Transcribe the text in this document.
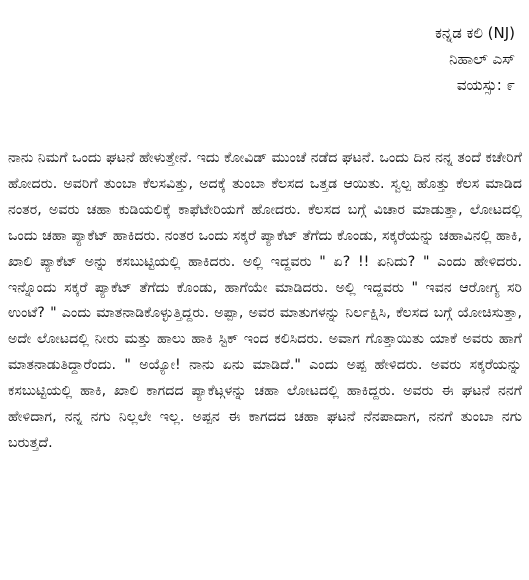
ಕನ್ನಡ ಕಲಿ (NJ)
ನಿಹಾಲ್ ಎಸ್
ವಯಸ್ಸು: ೯

ನಾನು ನಿಮಗೆ ಒಂದು ಘಟನೆ ಹೇಳುತ್ತೇನೆ. ಇದು ಕೋವಿಡ್ ಮುಂಚೆ ನಡೆದ ಘಟನೆ. ಒಂದು ದಿನ ನನ್ನ ತಂದೆ ಕಚೇರಿಗೆ ಹೋದರು. ಅವರಿಗೆ ತುಂಬಾ ಕೆಲಸವಿತ್ತು, ಅದಕ್ಕೆ ತುಂಬಾ ಕೆಲಸದ ಒತ್ತಡ ಆಯಿತು. ಸ್ವಲ್ಪ ಹೊತ್ತು ಕೆಲಸ ಮಾಡಿದ ನಂತರ, ಅವರು ಚಹಾ ಕುಡಿಯಲಿಕ್ಕೆ ಕಾಫೆಟೇರಿಯಗೆ ಹೋದರು. ಕೆಲಸದ ಬಗ್ಗೆ ವಿಚಾರ ಮಾಡುತ್ತಾ, ಲೋಟದಲ್ಲಿ ಒಂದು ಚಹಾ ಪ್ಯಾಕೆಟ್ ಹಾಕಿದರು. ನಂತರ ಒಂದು ಸಕ್ಕರೆ ಪ್ಯಾಕೆಟ್ ತೆಗೆದು ಕೊಂಡು, ಸಕ್ಕರೆಯನ್ನು ಚಹಾವಿನಲ್ಲಿ ಹಾಕಿ, ಖಾಲಿ ಪ್ಯಾಕೆಟ್ ಅನ್ನು ಕಸಬುಟ್ಟಿಯಲ್ಲಿ ಹಾಕಿದರು. ಅಲ್ಲಿ ಇದ್ದವರು " ಏ? !! ಏನಿದು? " ಎಂದು ಹೇಳಿದರು. ಇನ್ನೊಂದು ಸಕ್ಕರೆ ಪ್ಯಾಕೆಟ್ ತೆಗೆದು ಕೊಂಡು, ಹಾಗೆಯೇ ಮಾಡಿದರು. ಅಲ್ಲಿ ಇದ್ದವರು " ಇವನ ಆರೋಗ್ಯ ಸರಿ ಉಂಟೆ? " ಎಂದು ಮಾತನಾಡಿಕೊಳ್ಳುತ್ತಿದ್ದರು. ಅಪ್ಪಾ, ಅವರ ಮಾತುಗಳನ್ನು ನಿರ್ಲಕ್ಷಿಸಿ, ಕೆಲಸದ ಬಗ್ಗೆ ಯೋಚಿಸುತ್ತಾ, ಅದೇ ಲೋಟದಲ್ಲಿ ನೀರು ಮತ್ತು ಹಾಲು ಹಾಕಿ ಸ್ಟಿಕ್ ಇಂದ ಕಲಿಸಿದರು. ಅವಾಗ ಗೊತ್ತಾಯಿತು ಯಾಕೆ ಅವರು ಹಾಗೆ ಮಾತನಾಡುತಿದ್ದಾರೆಂದು. " ಅಯ್ಯೋ! ನಾನು ಏನು ಮಾಡಿದೆ." ಎಂದು ಅಪ್ಪ ಹೇಳಿದರು. ಅವರು ಸಕ್ಕರೆಯನ್ನು ಕಸಬುಟ್ಟಿಯಲ್ಲಿ ಹಾಕಿ, ಖಾಲಿ ಕಾಗದದ ಪ್ಯಾಕೆಟ್ಗಳನ್ನು ಚಹಾ ಲೋಟದಲ್ಲಿ ಹಾಕಿದ್ದರು. ಅವರು ಈ ಘಟನೆ ನನಗೆ ಹೇಳಿದಾಗ, ನನ್ನ ನಗು ನಿಲ್ಲಲೇ ಇಲ್ಲ. ಅಪ್ಪನ ಈ ಕಾಗದದ ಚಹಾ ಘಟನೆ ನೆನಪಾದಾಗ, ನನಗೆ ತುಂಬಾ ನಗು ಬರುತ್ತದೆ.
